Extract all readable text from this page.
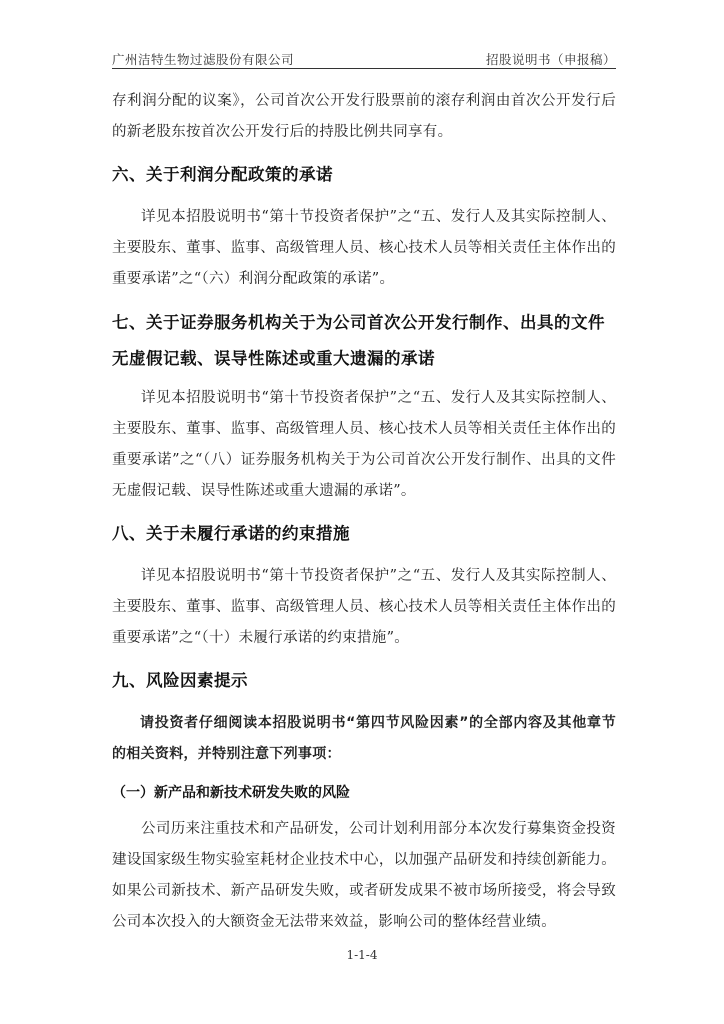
广州洁特生物过滤股份有限公司	招股说明书（申报稿）

存利润分配的议案》，公司首次公开发行股票前的滚存利润由首次公开发行后的新老股东按首次公开发行后的持股比例共同享有。

六、关于利润分配政策的承诺

详见本招股说明书“第十节投资者保护”之“五、发行人及其实际控制人、主要股东、董事、监事、高级管理人员、核心技术人员等相关责任主体作出的重要承诺”之“（六）利润分配政策的承诺”。

七、关于证券服务机构关于为公司首次公开发行制作、出具的文件无虚假记载、误导性陈述或重大遗漏的承诺

详见本招股说明书“第十节投资者保护”之“五、发行人及其实际控制人、主要股东、董事、监事、高级管理人员、核心技术人员等相关责任主体作出的重要承诺”之“（八）证券服务机构关于为公司首次公开发行制作、出具的文件无虚假记载、误导性陈述或重大遗漏的承诺”。

八、关于未履行承诺的约束措施

详见本招股说明书“第十节投资者保护”之“五、发行人及其实际控制人、主要股东、董事、监事、高级管理人员、核心技术人员等相关责任主体作出的重要承诺”之“（十）未履行承诺的约束措施”。

九、风险因素提示

请投资者仔细阅读本招股说明书“第四节风险因素”的全部内容及其他章节的相关资料，并特别注意下列事项：

（一）新产品和新技术研发失败的风险

公司历来注重技术和产品研发，公司计划利用部分本次发行募集资金投资建设国家级生物实验室耗材企业技术中心，以加强产品研发和持续创新能力。如果公司新技术、新产品研发失败，或者研发成果不被市场所接受，将会导致公司本次投入的大额资金无法带来效益，影响公司的整体经营业绩。

1-1-4
